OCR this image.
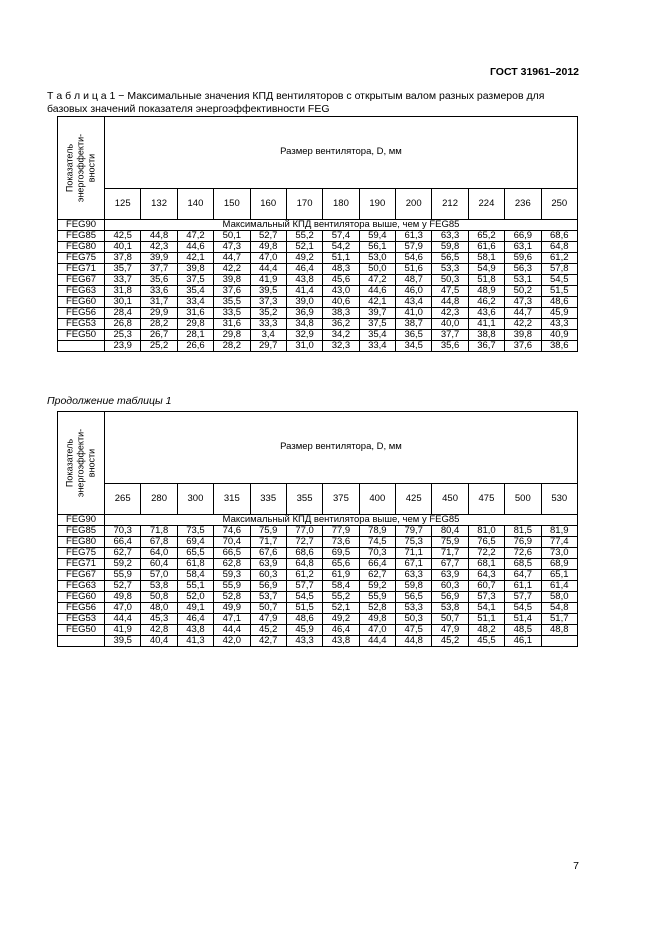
ГОСТ 31961–2012
Т а б л и ц а 1 − Максимальные значения КПД вентиляторов с открытым валом разных размеров для базовых значений показателя энергоэффективности FEG
Показатель энергоэффекти-вности	Размер вентилятора, D, мм												
	125	132	140	150	160	170	180	190	200	212	224	236	250
FEG90	Максимальный КПД вентилятора выше, чем у FEG85												
FEG85	42,5	44,8	47,2	50,1	52,7	55,2	57,4	59,4	61,3	63,3	65,2	66,9	68,6
FEG80	40,1	42,3	44,6	47,3	49,8	52,1	54,2	56,1	57,9	59,8	61,6	63,1	64,8
FEG75	37,8	39,9	42,1	44,7	47,0	49,2	51,1	53,0	54,6	56,5	58,1	59,6	61,2
FEG71	35,7	37,7	39,8	42,2	44,4	46,4	48,3	50,0	51,6	53,3	54,9	56,3	57,8
FEG67	33,7	35,6	37,5	39,8	41,9	43,8	45,6	47,2	48,7	50,3	51,8	53,1	54,5
FEG63	31,8	33,6	35,4	37,6	39,5	41,4	43,0	44,6	46,0	47,5	48,9	50,2	51,5
FEG60	30,1	31,7	33,4	35,5	37,3	39,0	40,6	42,1	43,4	44,8	46,2	47,3	48,6
FEG56	28,4	29,9	31,6	33,5	35,2	36,9	38,3	39,7	41,0	42,3	43,6	44,7	45,9
FEG53	26,8	28,2	29,8	31,6	33,3	34,8	36,2	37,5	38,7	40,0	41,1	42,2	43,3
FEG50	25,3	26,7	28,1	29,8	3,4	32,9	34,2	35,4	36,5	37,7	38,8	39,8	40,9
	23,9	25,2	26,6	28,2	29,7	31,0	32,3	33,4	34,5	35,6	36,7	37,6	38,6
Продолжение таблицы 1
Показатель энергоэффекти-вности	Размер вентилятора, D, мм												
	265	280	300	315	335	355	375	400	425	450	475	500	530
FEG90	Максимальный КПД вентилятора выше, чем у FEG85												
FEG85	70,3	71,8	73,5	74,6	75,9	77,0	77,9	78,9	79,7	80,4	81,0	81,5	81,9
FEG80	66,4	67,8	69,4	70,4	71,7	72,7	73,6	74,5	75,3	75,9	76,5	76,9	77,4
FEG75	62,7	64,0	65,5	66,5	67,6	68,6	69,5	70,3	71,1	71,7	72,2	72,6	73,0
FEG71	59,2	60,4	61,8	62,8	63,9	64,8	65,6	66,4	67,1	67,7	68,1	68,5	68,9
FEG67	55,9	57,0	58,4	59,3	60,3	61,2	61,9	62,7	63,3	63,9	64,3	64,7	65,1
FEG63	52,7	53,8	55,1	55,9	56,9	57,7	58,4	59,2	59,8	60,3	60,7	61,1	61,4
FEG60	49,8	50,8	52,0	52,8	53,7	54,5	55,2	55,9	56,5	56,9	57,3	57,7	58,0
FEG56	47,0	48,0	49,1	49,9	50,7	51,5	52,1	52,8	53,3	53,8	54,1	54,5	54,8
FEG53	44,4	45,3	46,4	47,1	47,9	48,6	49,2	49,8	50,3	50,7	51,1	51,4	51,7
FEG50	41,9	42,8	43,8	44,4	45,2	45,9	46,4	47,0	47,5	47,9	48,2	48,5	48,8
	39,5	40,4	41,3	42,0	42,7	43,3	43,8	44,4	44,8	45,2	45,5	46,1	
7
